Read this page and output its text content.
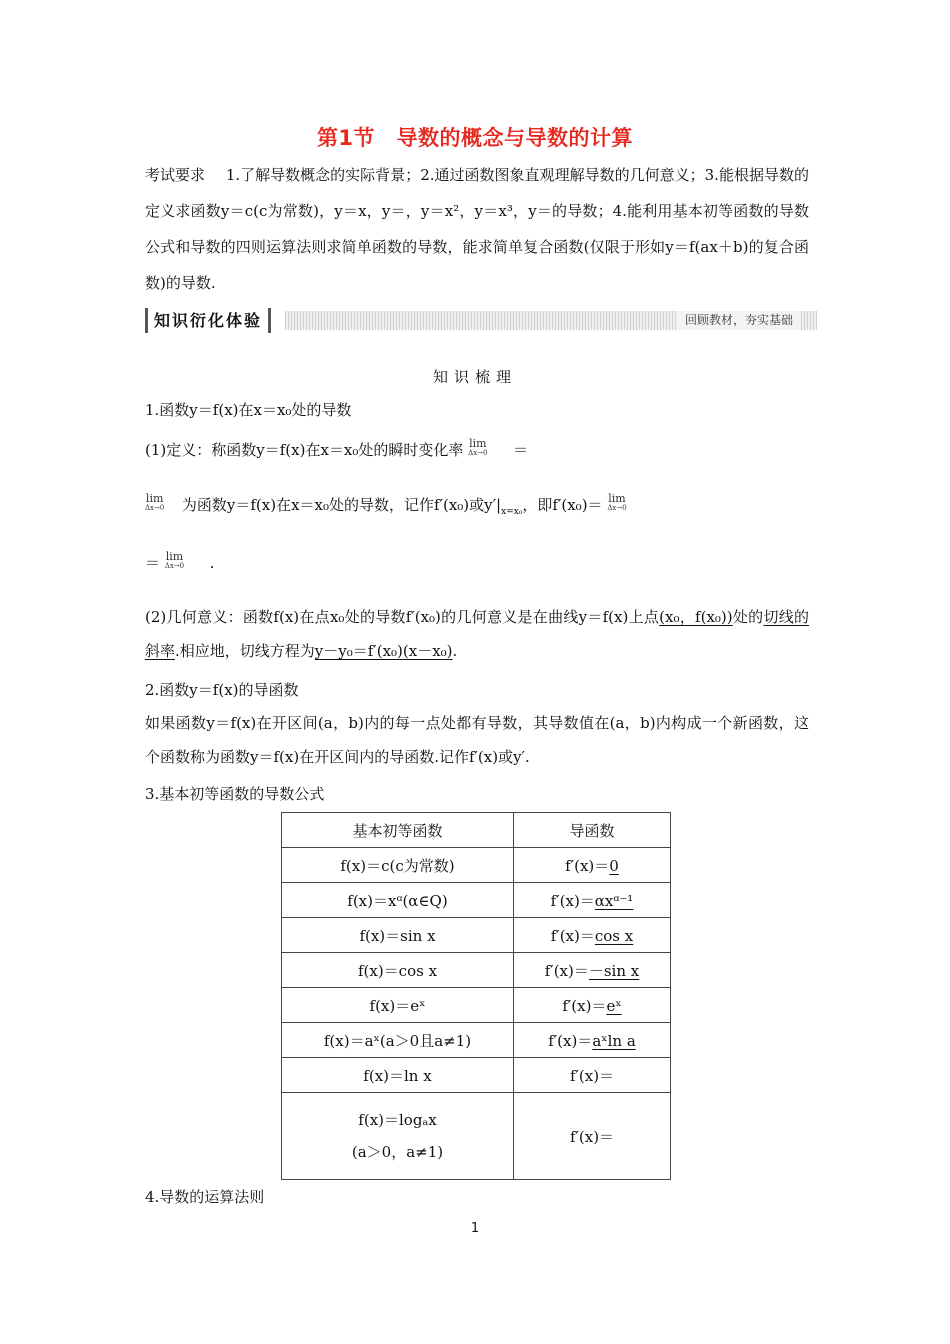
第1节　导数的概念与导数的计算
考试要求 1.了解导数概念的实际背景；2.通过函数图象直观理解导数的几何意义；3.能根据导数的定义求函数y＝c(c为常数)，y＝x，y＝，y＝x²，y＝x³，y＝的导数；4.能利用基本初等函数的导数公式和导数的四则运算法则求简单函数的导数，能求简单复合函数(仅限于形如y＝f(ax＋b)的复合函数)的导数.
知识衍化体验	回顾教材，夯实基础
知识梳理
1.函数y＝f(x)在x＝x₀处的导数
(1)定义：称函数y＝f(x)在x＝x₀处的瞬时变化率 lim
Δx→0 ＝
lim
Δx→0 为函数y＝f(x)在x＝x₀处的导数，记作f′(x₀)或$y'|_{x=x_0}$，即f′(x₀)＝ lim
Δx→0
＝ lim
Δx→0 .
(2)几何意义：函数f(x)在点x₀处的导数f′(x₀)的几何意义是在曲线y＝f(x)上点(x₀，f(x₀))处的切线的斜率.相应地，切线方程为y－y₀＝f′(x₀)(x－x₀).
2.函数y＝f(x)的导函数
如果函数y＝f(x)在开区间(a，b)内的每一点处都有导数，其导数值在(a，b)内构成一个新函数，这个函数称为函数y＝f(x)在开区间内的导函数.记作f′(x)或y′.
3.基本初等函数的导数公式
基本初等函数	导函数
f(x)＝c(c为常数)	f′(x)＝0
f(x)＝xᵅ(α∈Q)	f′(x)＝αxᵅ⁻¹
f(x)＝sin x	f′(x)＝cos x
f(x)＝cos x	f′(x)＝－sin x
f(x)＝eˣ	f′(x)＝eˣ
f(x)＝aˣ(a＞0且a≠1)	f′(x)＝aˣln a
f(x)＝ln x	f′(x)＝

f(x)＝logₐx
(a＞0，a≠1)	f′(x)＝
4.导数的运算法则
1
